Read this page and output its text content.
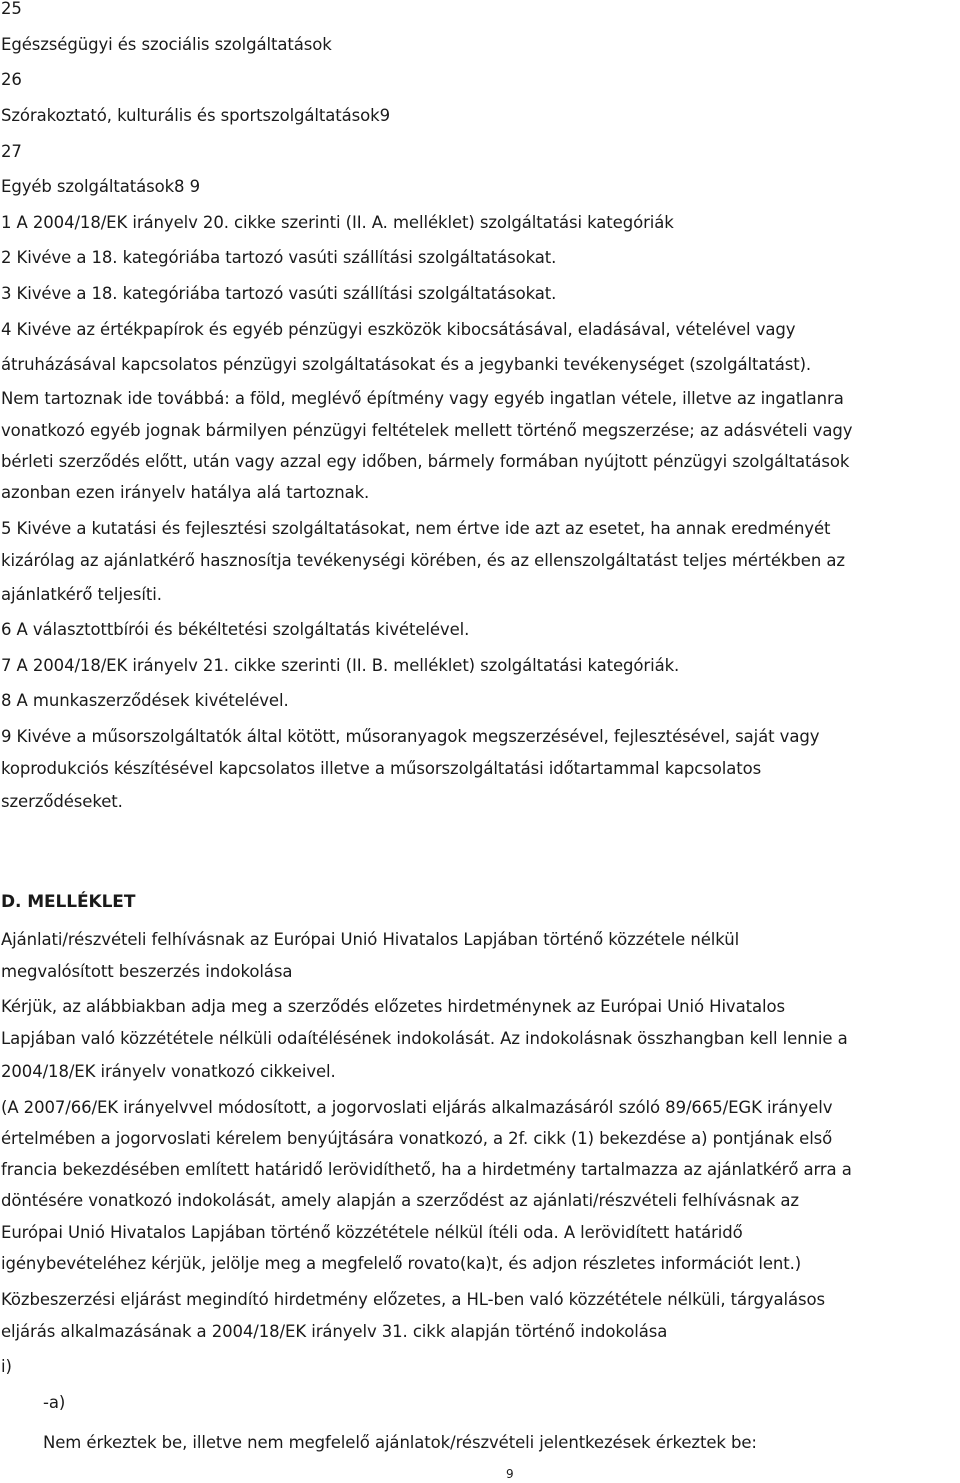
25
Egészségügyi és szociális szolgáltatások
26
Szórakoztató, kulturális és sportszolgáltatások9
27
Egyéb szolgáltatások8 9
1 A 2004/18/EK irányelv 20. cikke szerinti (II. A. melléklet) szolgáltatási kategóriák
2 Kivéve a 18. kategóriába tartozó vasúti szállítási szolgáltatásokat.
3 Kivéve a 18. kategóriába tartozó vasúti szállítási szolgáltatásokat.
4 Kivéve az értékpapírok és egyéb pénzügyi eszközök kibocsátásával, eladásával, vételével vagy
átruházásával kapcsolatos pénzügyi szolgáltatásokat és a jegybanki tevékenységet (szolgáltatást).
Nem tartoznak ide továbbá: a föld, meglévő építmény vagy egyéb ingatlan vétele, illetve az ingatlanra
vonatkozó egyéb jognak bármilyen pénzügyi feltételek mellett történő megszerzése; az adásvételi vagy
bérleti szerződés előtt, után vagy azzal egy időben, bármely formában nyújtott pénzügyi szolgáltatások
azonban ezen irányelv hatálya alá tartoznak.
5 Kivéve a kutatási és fejlesztési szolgáltatásokat, nem értve ide azt az esetet, ha annak eredményét
kizárólag az ajánlatkérő hasznosítja tevékenységi körében, és az ellenszolgáltatást teljes mértékben az
ajánlatkérő teljesíti.
6 A választottbírói és békéltetési szolgáltatás kivételével.
7 A 2004/18/EK irányelv 21. cikke szerinti (II. B. melléklet) szolgáltatási kategóriák.
8 A munkaszerződések kivételével.
9 Kivéve a műsorszolgáltatók által kötött, műsoranyagok megszerzésével, fejlesztésével, saját vagy
koprodukciós készítésével kapcsolatos illetve a műsorszolgáltatási időtartammal kapcsolatos
szerződéseket.
D. MELLÉKLET
Ajánlati/részvételi felhívásnak az Európai Unió Hivatalos Lapjában történő közzétele nélkül
megvalósított beszerzés indokolása
Kérjük, az alábbiakban adja meg a szerződés előzetes hirdetménynek az Európai Unió Hivatalos
Lapjában való közzététele nélküli odaítélésének indokolását. Az indokolásnak összhangban kell lennie a
2004/18/EK irányelv vonatkozó cikkeivel.
(A 2007/66/EK irányelvvel módosított, a jogorvoslati eljárás alkalmazásáról szóló 89/665/EGK irányelv
értelmében a jogorvoslati kérelem benyújtására vonatkozó, a 2f. cikk (1) bekezdése a) pontjának első
francia bekezdésében említett határidő lerövidíthető, ha a hirdetmény tartalmazza az ajánlatkérő arra a
döntésére vonatkozó indokolását, amely alapján a szerződést az ajánlati/részvételi felhívásnak az
Európai Unió Hivatalos Lapjában történő közzététele nélkül ítéli oda. A lerövidített határidő
igénybevételéhez kérjük, jelölje meg a megfelelő rovato(ka)t, és adjon részletes információt lent.)
Közbeszerzési eljárást megindító hirdetmény előzetes, a HL-ben való közzététele nélküli, tárgyalásos
eljárás alkalmazásának a 2004/18/EK irányelv 31. cikk alapján történő indokolása
i)
-a)
Nem érkeztek be, illetve nem megfelelő ajánlatok/részvételi jelentkezések érkeztek be:
9
